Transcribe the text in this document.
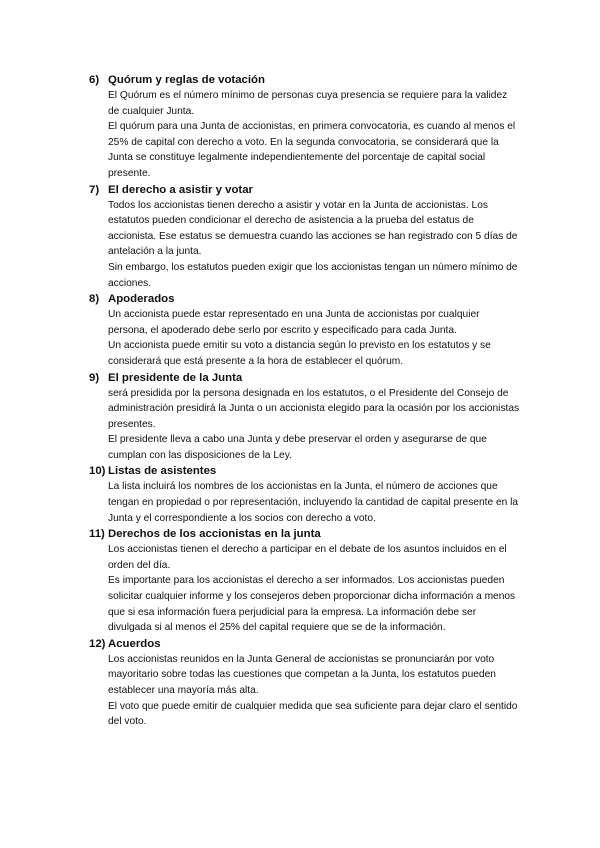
6) Quórum y reglas de votación

El Quórum es el número mínimo de personas cuya presencia se requiere para la validez de cualquier Junta.

El quórum para una Junta de accionistas, en primera convocatoria, es cuando al menos el 25% de capital con derecho a voto. En la segunda convocatoria, se considerará que la Junta se constituye legalmente independientemente del porcentaje de capital social presente.

7) El derecho a asistir y votar

Todos los accionistas tienen derecho a asistir y votar en la Junta de accionistas. Los estatutos pueden condicionar el derecho de asistencia a la prueba del estatus de accionista. Ese estatus se demuestra cuando las acciones se han registrado con 5 días de antelación a la junta.

Sin embargo, los estatutos pueden exigir que los accionistas tengan un número mínimo de acciones.

8) Apoderados

Un accionista puede estar representado en una Junta de accionistas por cualquier persona, el apoderado debe serlo por escrito y especificado para cada Junta.

Un accionista puede emitir su voto a distancia según lo previsto en los estatutos y se considerará que está presente a la hora de establecer el quórum.

9) El presidente de la Junta

será presidida por la persona designada en los estatutos, o el Presidente del Consejo de administración presidirá la Junta o un accionista elegido para la ocasión por los accionistas presentes.

El presidente lleva a cabo una Junta y debe preservar el orden y asegurarse de que cumplan con las disposiciones de la Ley.

10) Listas de asistentes

La lista incluirá los nombres de los accionistas en la Junta, el número de acciones que tengan en propiedad o por representación, incluyendo la cantidad de capital presente en la Junta y el correspondiente a los socios con derecho a voto.

11) Derechos de los accionistas en la junta

Los accionistas tienen el derecho a participar en el debate de los asuntos incluidos en el orden del día.

Es importante para los accionistas el derecho a ser informados. Los accionistas pueden solicitar cualquier informe y los consejeros deben proporcionar dicha información a menos que si esa información fuera perjudicial para la empresa. La información debe ser divulgada si al menos el 25% del capital requiere que se de la información.

12) Acuerdos

Los accionistas reunidos en la Junta General de accionistas se pronunciarán por voto mayoritario sobre todas las cuestiones que competan a la Junta, los estatutos pueden establecer una mayoría más alta.

El voto que puede emitir de cualquier medida que sea suficiente para dejar claro el sentido del voto.
